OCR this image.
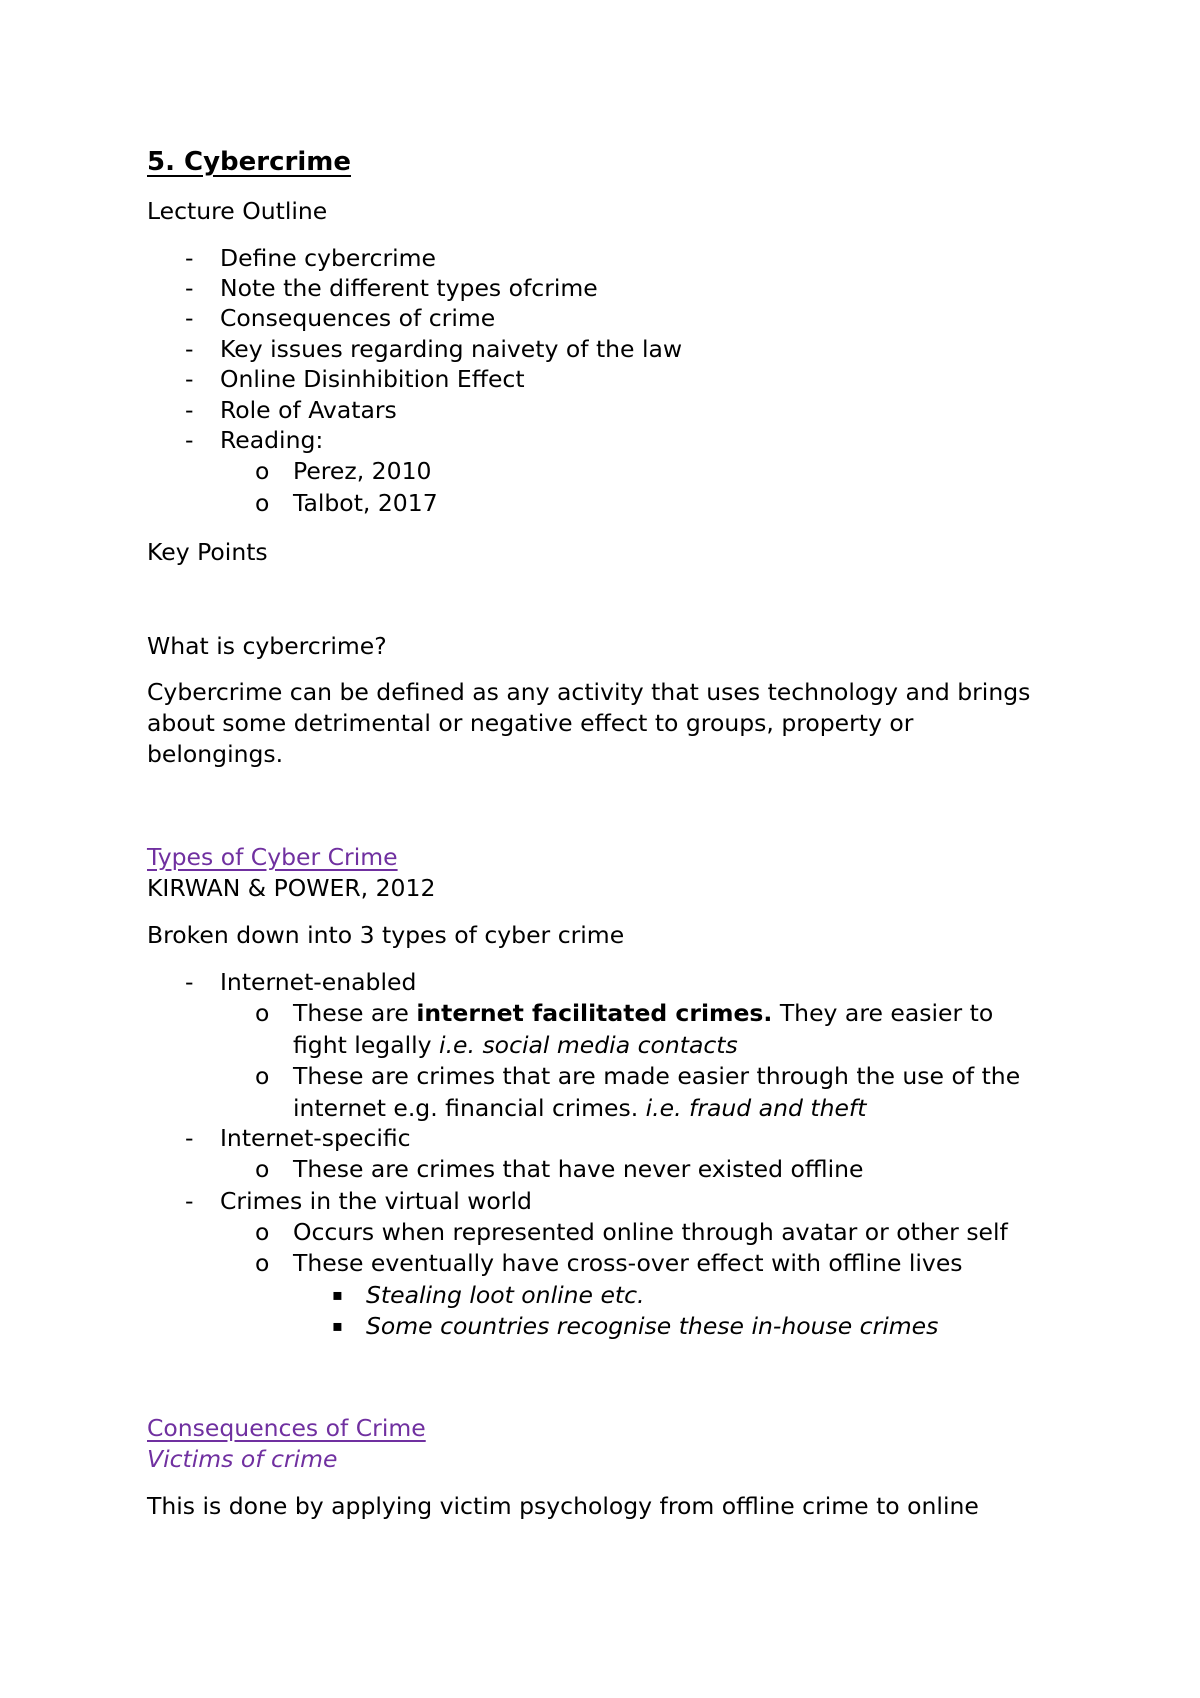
5. Cybercrime
Lecture Outline
- Define cybercrime
- Note the different types ofcrime
- Consequences of crime
- Key issues regarding naivety of the law
- Online Disinhibition Effect
- Role of Avatars
- Reading:
o Perez, 2010
o Talbot, 2017
Key Points
What is cybercrime?
Cybercrime can be defined as any activity that uses technology and brings
about some detrimental or negative effect to groups, property or
belongings.
Types of Cyber Crime
KIRWAN & POWER, 2012
Broken down into 3 types of cyber crime
- Internet-enabled
o These are internet facilitated crimes. They are easier to
fight legally i.e. social media contacts
o These are crimes that are made easier through the use of the
internet e.g. financial crimes. i.e. fraud and theft
- Internet-specific
o These are crimes that have never existed offline
- Crimes in the virtual world
o Occurs when represented online through avatar or other self
o These eventually have cross-over effect with offline lives
▪ Stealing loot online etc.
▪ Some countries recognise these in-house crimes
Consequences of Crime
Victims of crime
This is done by applying victim psychology from offline crime to online
